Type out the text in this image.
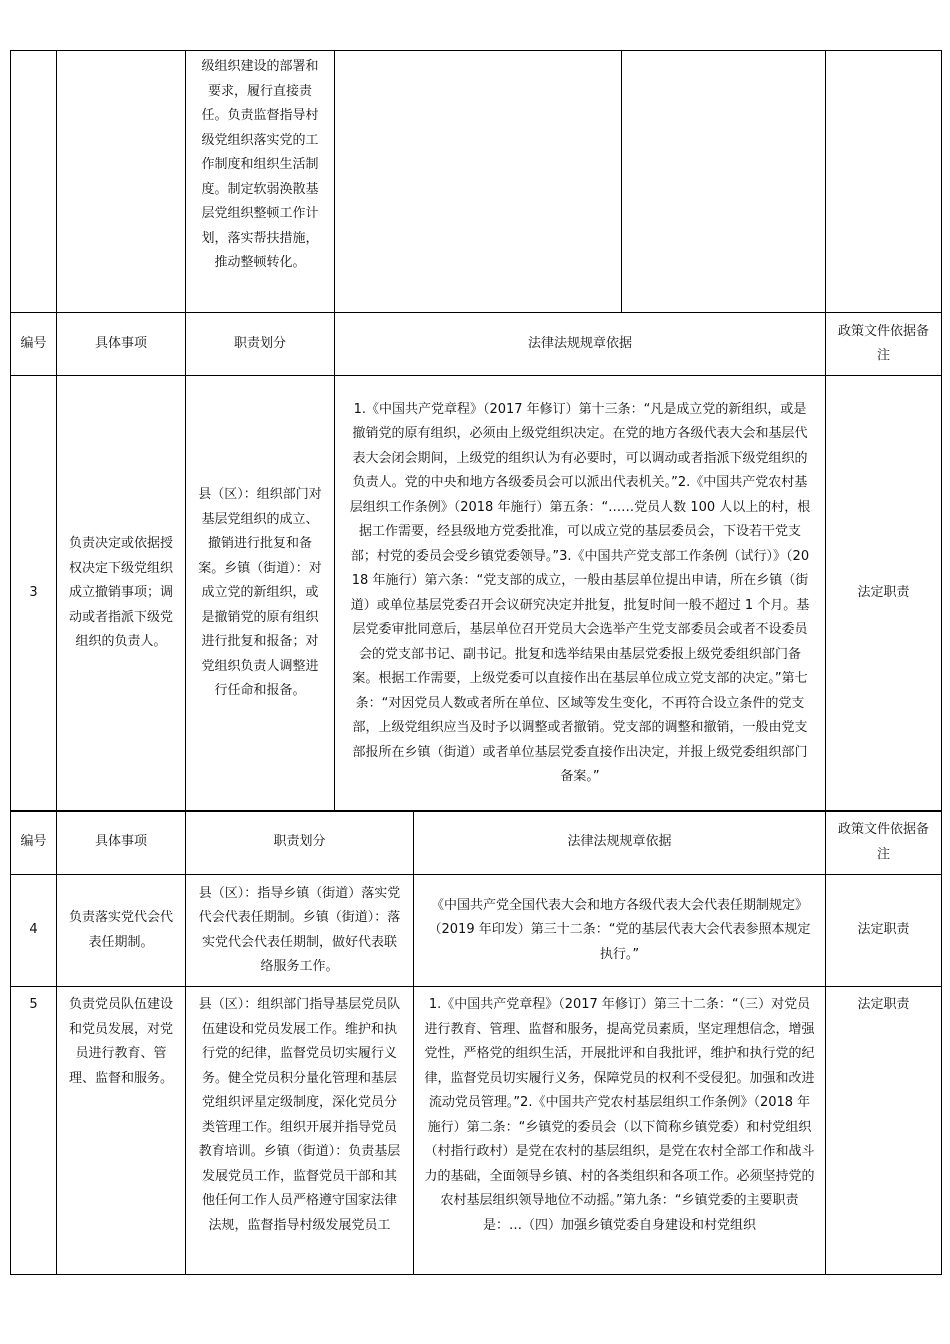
		级组织建设的部署和要求，履行直接责任。负责监督指导村级党组织落实党的工作制度和组织生活制度。制定软弱涣散基层党组织整顿工作计划，落实帮扶措施，推动整顿转化。			
编号	具体事项	职责划分	法律法规规章依据		政策文件依据备注
3	负责决定或依据授权决定下级党组织成立撤销事项；调动或者指派下级党组织的负责人。	县（区）：组织部门对基层党组织的成立、撤销进行批复和备案。乡镇（街道）：对成立党的新组织，或是撤销党的原有组织进行批复和报备；对党组织负责人调整进行任命和报备。	1.《中国共产党章程》（2017 年修订）第十三条：“凡是成立党的新组织，或是撤销党的原有组织，必须由上级党组织决定。在党的地方各级代表大会和基层代表大会闭会期间，上级党的组织认为有必要时，可以调动或者指派下级党组织的负责人。党的中央和地方各级委员会可以派出代表机关。”2.《中国共产党农村基层组织工作条例》（2018 年施行）第五条：“……党员人数 100 人以上的村，根据工作需要，经县级地方党委批准，可以成立党的基层委员会，下设若干党支部；村党的委员会受乡镇党委领导。”3.《中国共产党支部工作条例（试行）》（2018 年施行）第六条：“党支部的成立，一般由基层单位提出申请，所在乡镇（街道）或单位基层党委召开会议研究决定并批复，批复时间一般不超过 1 个月。基层党委审批同意后，基层单位召开党员大会选举产生党支部委员会或者不设委员会的党支部书记、副书记。批复和选举结果由基层党委报上级党委组织部门备案。根据工作需要，上级党委可以直接作出在基层单位成立党支部的决定。”第七条：“对因党员人数或者所在单位、区域等发生变化，不再符合设立条件的党支部，上级党组织应当及时予以调整或者撤销。党支部的调整和撤销，一般由党支部报所在乡镇（街道）或者单位基层党委直接作出决定，并报上级党委组织部门备案。”		法定职责
编号	具体事项	职责划分	法律法规规章依据	政策文件依据备注
4	负责落实党代会代表任期制。	县（区）：指导乡镇（街道）落实党代会代表任期制。乡镇（街道）：落实党代会代表任期制，做好代表联络服务工作。	《中国共产党全国代表大会和地方各级代表大会代表任期制规定》（2019 年印发）第三十二条：“党的基层代表大会代表参照本规定执行。”	法定职责
5	负责党员队伍建设和党员发展，对党员进行教育、管理、监督和服务。	县（区）：组织部门指导基层党员队伍建设和党员发展工作。维护和执行党的纪律，监督党员切实履行义务。健全党员积分量化管理和基层党组织评星定级制度，深化党员分类管理工作。组织开展并指导党员教育培训。乡镇（街道）：负责基层发展党员工作，监督党员干部和其他任何工作人员严格遵守国家法律法规，监督指导村级发展党员工	1.《中国共产党章程》（2017 年修订）第三十二条：“（三）对党员进行教育、管理、监督和服务，提高党员素质，坚定理想信念，增强党性，严格党的组织生活，开展批评和自我批评，维护和执行党的纪律，监督党员切实履行义务，保障党员的权利不受侵犯。加强和改进流动党员管理。”2.《中国共产党农村基层组织工作条例》（2018 年施行）第二条：“乡镇党的委员会（以下简称乡镇党委）和村党组织（村指行政村）是党在农村的基层组织，是党在农村全部工作和战斗力的基础，全面领导乡镇、村的各类组织和各项工作。必须坚持党的农村基层组织领导地位不动摇。”第九条：“乡镇党委的主要职责是：…（四）加强乡镇党委自身建设和村党组织	法定职责
